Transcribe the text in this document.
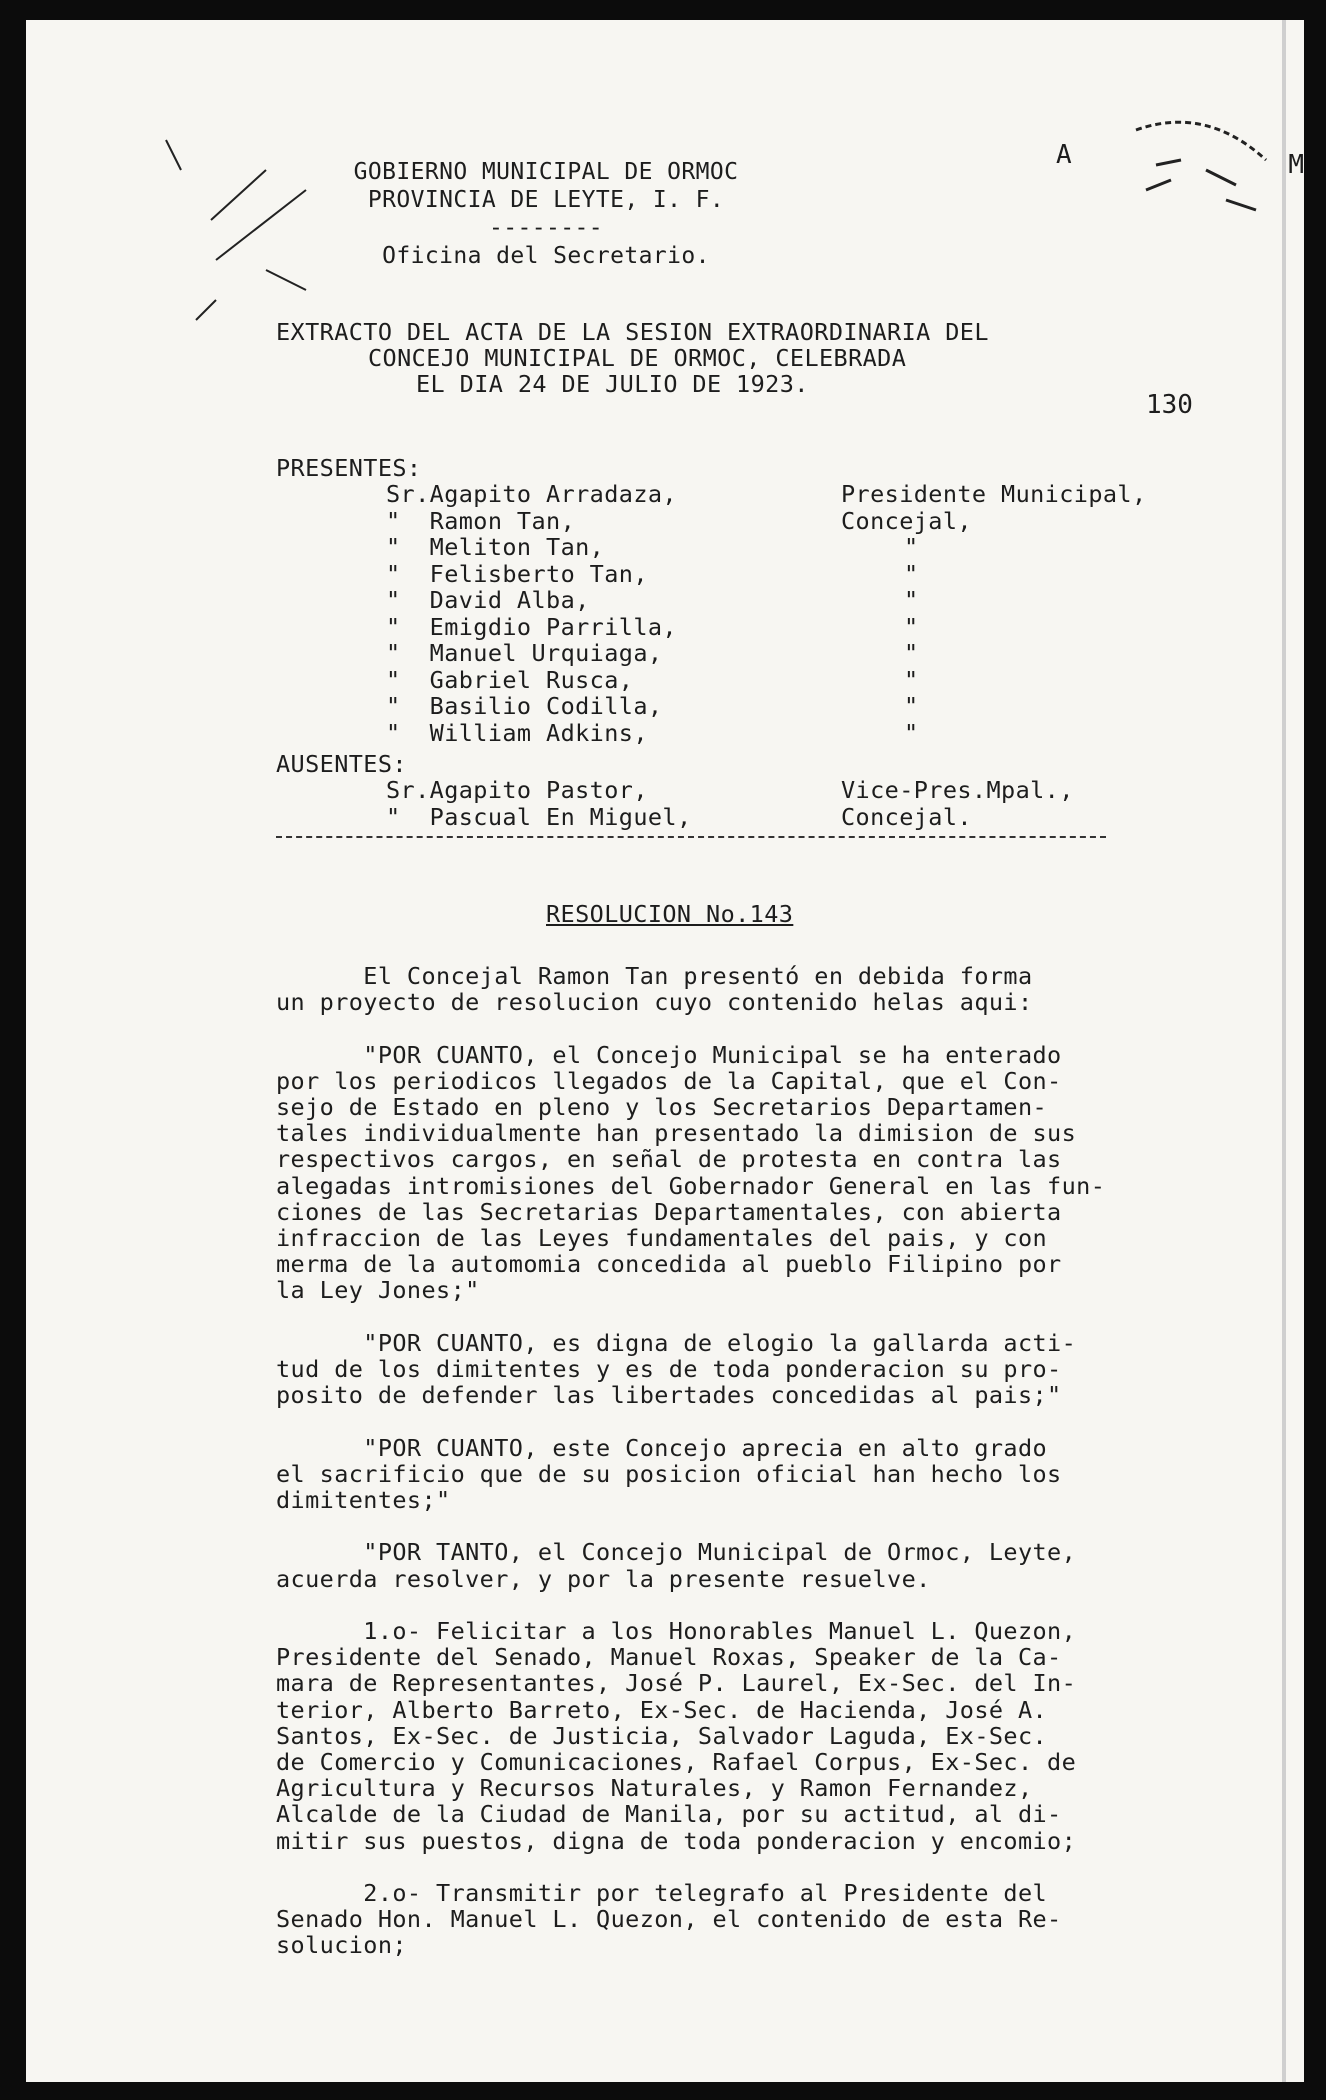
A	M
130
GOBIERNO MUNICIPAL DE ORMOC
PROVINCIA DE LEYTE, I. F.
--------
Oficina del Secretario.
EXTRACTO DEL ACTA DE LA SESION EXTRAORDINARIA DEL
CONCEJO MUNICIPAL DE ORMOC, CELEBRADA
EL DIA 24 DE JULIO DE 1923.
PRESENTES:
Sr.Agapito Arradaza,	Presidente Municipal,
"  Ramon Tan,	Concejal,
"  Meliton Tan,	"
"  Felisberto Tan,	"
"  David Alba,	"
"  Emigdio Parrilla,	"
"  Manuel Urquiaga,	"
"  Gabriel Rusca,	"
"  Basilio Codilla,	"
"  William Adkins,	"
AUSENTES:
Sr.Agapito Pastor,	Vice-Pres.Mpal.,
"  Pascual En Miguel,	Concejal.
RESOLUCION No.143
El Concejal Ramon Tan presentó en debida forma
un proyecto de resolucion cuyo contenido helas aqui:
"POR CUANTO, el Concejo Municipal se ha enterado
por los periodicos llegados de la Capital, que el Con-
sejo de Estado en pleno y los Secretarios Departamen-
tales individualmente han presentado la dimision de sus
respectivos cargos, en señal de protesta en contra las
alegadas intromisiones del Gobernador General en las fun-
ciones de las Secretarias Departamentales, con abierta
infraccion de las Leyes fundamentales del pais, y con
merma de la automomia concedida al pueblo Filipino por
la Ley Jones;"
"POR CUANTO, es digna de elogio la gallarda acti-
tud de los dimitentes y es de toda ponderacion su pro-
posito de defender las libertades concedidas al pais;"
"POR CUANTO, este Concejo aprecia en alto grado
el sacrificio que de su posicion oficial han hecho los
dimitentes;"
"POR TANTO, el Concejo Municipal de Ormoc, Leyte,
acuerda resolver, y por la presente resuelve.
1.o- Felicitar a los Honorables Manuel L. Quezon,
Presidente del Senado, Manuel Roxas, Speaker de la Ca-
mara de Representantes, José P. Laurel, Ex-Sec. del In-
terior, Alberto Barreto, Ex-Sec. de Hacienda, José A.
Santos, Ex-Sec. de Justicia, Salvador Laguda, Ex-Sec.
de Comercio y Comunicaciones, Rafael Corpus, Ex-Sec. de
Agricultura y Recursos Naturales, y Ramon Fernandez,
Alcalde de la Ciudad de Manila, por su actitud, al di-
mitir sus puestos, digna de toda ponderacion y encomio;
2.o- Transmitir por telegrafo al Presidente del
Senado Hon. Manuel L. Quezon, el contenido de esta Re-
solucion;
